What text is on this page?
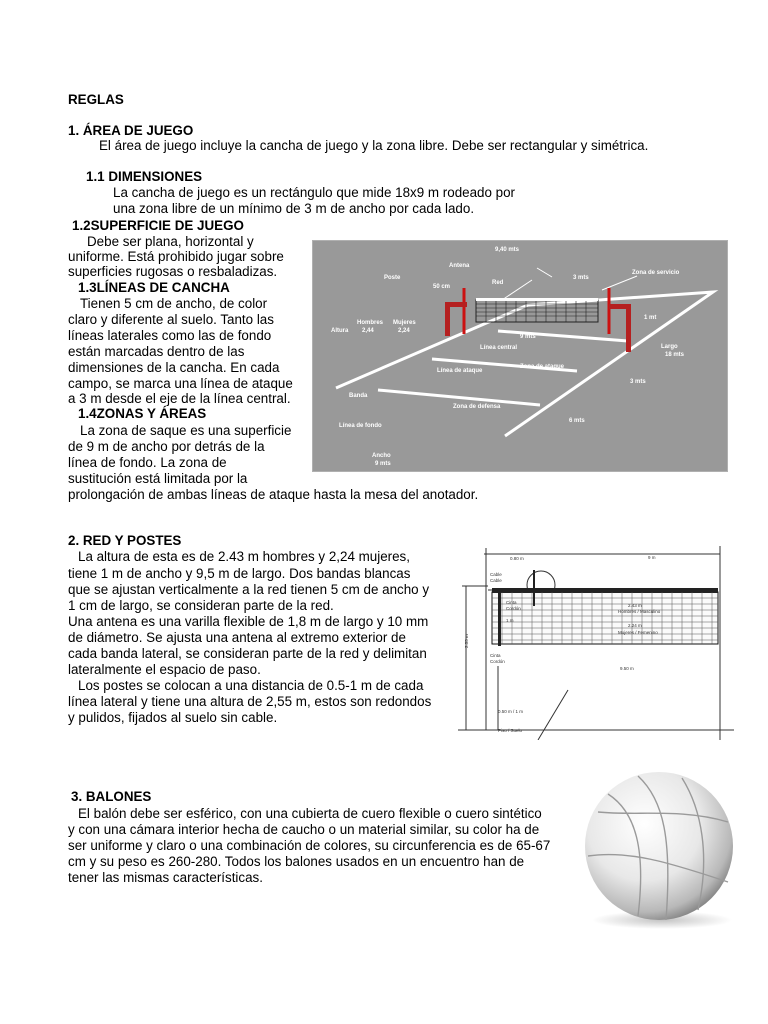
REGLAS

1. ÁREA DE JUEGO

El área de juego incluye la cancha de juego y la zona libre. Debe ser rectangular y simétrica.

1.1 DIMENSIONES

La cancha de juego es un rectángulo que mide 18x9 m rodeado por

una zona libre de un mínimo de 3 m de ancho por cada lado.

1.2SUPERFICIE DE JUEGO

Debe ser plana, horizontal y

uniforme. Está prohibido jugar sobre

superficies rugosas o resbaladizas.

1.3LÍNEAS DE CANCHA

Tienen 5 cm de ancho, de color

claro y diferente al suelo. Tanto las

líneas laterales como las de fondo

están marcadas dentro de las

dimensiones de la cancha. En cada

campo, se marca una línea de ataque

a 3 m desde el eje de la línea central.

1.4ZONAS Y ÁREAS

La zona de saque es una superficie

de 9 m de ancho por detrás de la

línea de fondo. La zona de

sustitución está limitada por la

prolongación de ambas líneas de ataque hasta la mesa del anotador.

2. RED Y POSTES

La altura de esta es de 2.43 m hombres y 2,24 mujeres,

tiene 1 m de ancho y 9,5 m de largo. Dos bandas blancas

que se ajustan verticalmente a la red tienen 5 cm de ancho y

1 cm de largo, se consideran parte de la red.

Una antena es una varilla flexible de 1,8 m de largo y 10 mm

de diámetro. Se ajusta una antena al extremo exterior de

cada banda lateral, se consideran parte de la red y delimitan

lateralmente el espacio de paso.

Los postes se colocan a una distancia de 0.5-1 m de cada

línea lateral y tiene una altura de 2,55 m, estos son redondos

y pulidos, fijados al suelo sin cable.

3. BALONES

El balón debe ser esférico, con una cubierta de cuero flexible o cuero sintético

y con una cámara interior hecha de caucho o un material similar, su color ha de

ser uniforme y claro o una combinación de colores, su circunferencia es de 65-67

cm y su peso es 260-280. Todos los balones usados en un encuentro han de

tener las mismas características.

9,40 mts
Antena
Poste
Red
50 cm
3 mts
Zona de servicio
Hombres Mujeres
Altura 2,44	2,24
1 mt
9 mts
Línea central	Largo
18 mts
Zona de ataque
Línea de ataque
3 mts
Banda
Zona de defensa
6 mts
Línea de fondo
Ancho
9 mts
0.80 m	9 m
Cable
Cable
Cinta
Cordón
1 m
2.43 m
Hombres / Masculino
2.24 m
Mujeres / Femenino
2.55 m
Cinta
Cordón
9.50 m
0.50 m / 1 m
Piso / Suelo
